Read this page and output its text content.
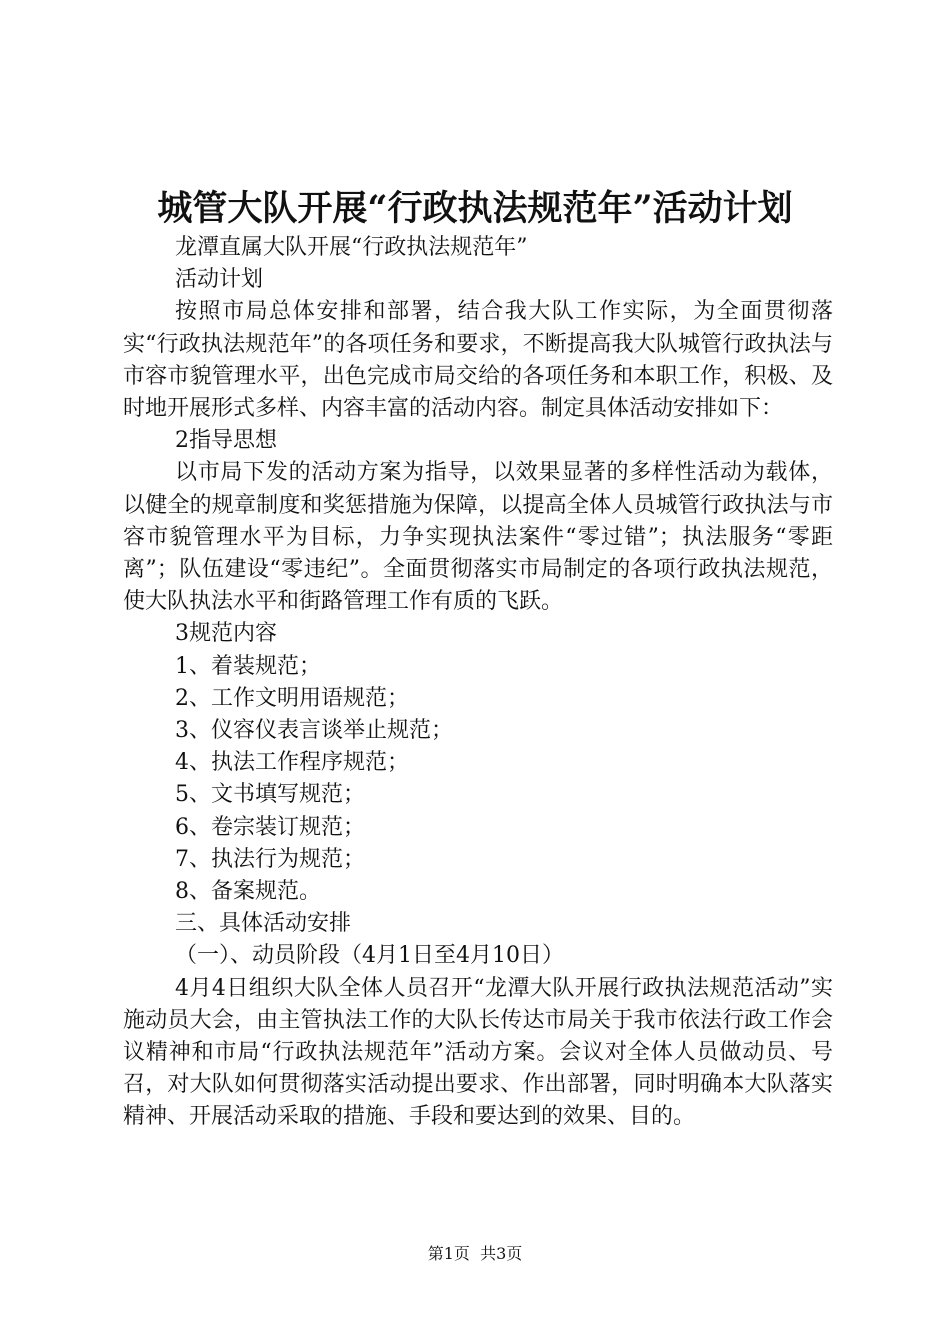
城管大队开展“行政执法规范年”活动计划

龙潭直属大队开展“行政执法规范年”

活动计划

按照市局总体安排和部署，结合我大队工作实际，为全面贯彻落实“行政执法规范年”的各项任务和要求，不断提高我大队城管行政执法与市容市貌管理水平，出色完成市局交给的各项任务和本职工作，积极、及时地开展形式多样、内容丰富的活动内容。制定具体活动安排如下：

2指导思想

以市局下发的活动方案为指导，以效果显著的多样性活动为载体，以健全的规章制度和奖惩措施为保障，以提高全体人员城管行政执法与市容市貌管理水平为目标，力争实现执法案件“零过错”；执法服务“零距离”；队伍建设“零违纪”。全面贯彻落实市局制定的各项行政执法规范，使大队执法水平和街路管理工作有质的飞跃。

3规范内容

1、着装规范；

2、工作文明用语规范；

3、仪容仪表言谈举止规范；

4、执法工作程序规范；

5、文书填写规范；

6、卷宗装订规范；

7、执法行为规范；

8、备案规范。

三、具体活动安排

（一）、动员阶段（4月1日至4月10日）

4月4日组织大队全体人员召开“龙潭大队开展行政执法规范活动”实施动员大会，由主管执法工作的大队长传达市局关于我市依法行政工作会议精神和市局“行政执法规范年”活动方案。会议对全体人员做动员、号召，对大队如何贯彻落实活动提出要求、作出部署，同时明确本大队落实精神、开展活动采取的措施、手段和要达到的效果、目的。

第1页  共3页
